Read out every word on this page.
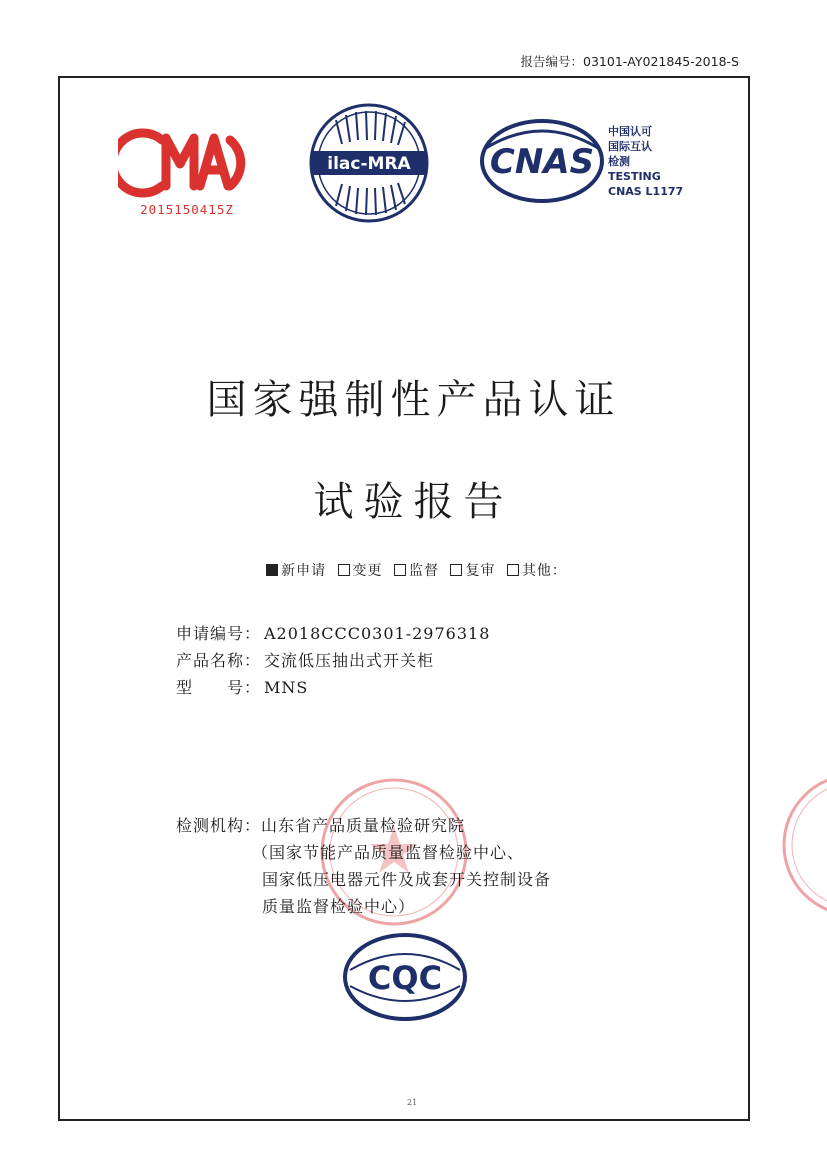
报告编号：03101-AY021845-2018-S
2015150415Z
ilac-MRA CNAS
中国认可
国际互认
检测
TESTING
CNAS L1177
国家强制性产品认证
试验报告
新申请 变更 监督 复审 其他：
申请编号： A2018CCC0301-2976318
产品名称： 交流低压抽出式开关柜
型　　号： MNS
检测机构：山东省产品质量检验研究院
（国家节能产品质量监督检验中心、
国家低压电器元件及成套开关控制设备
质量监督检验中心）
CQC
21
